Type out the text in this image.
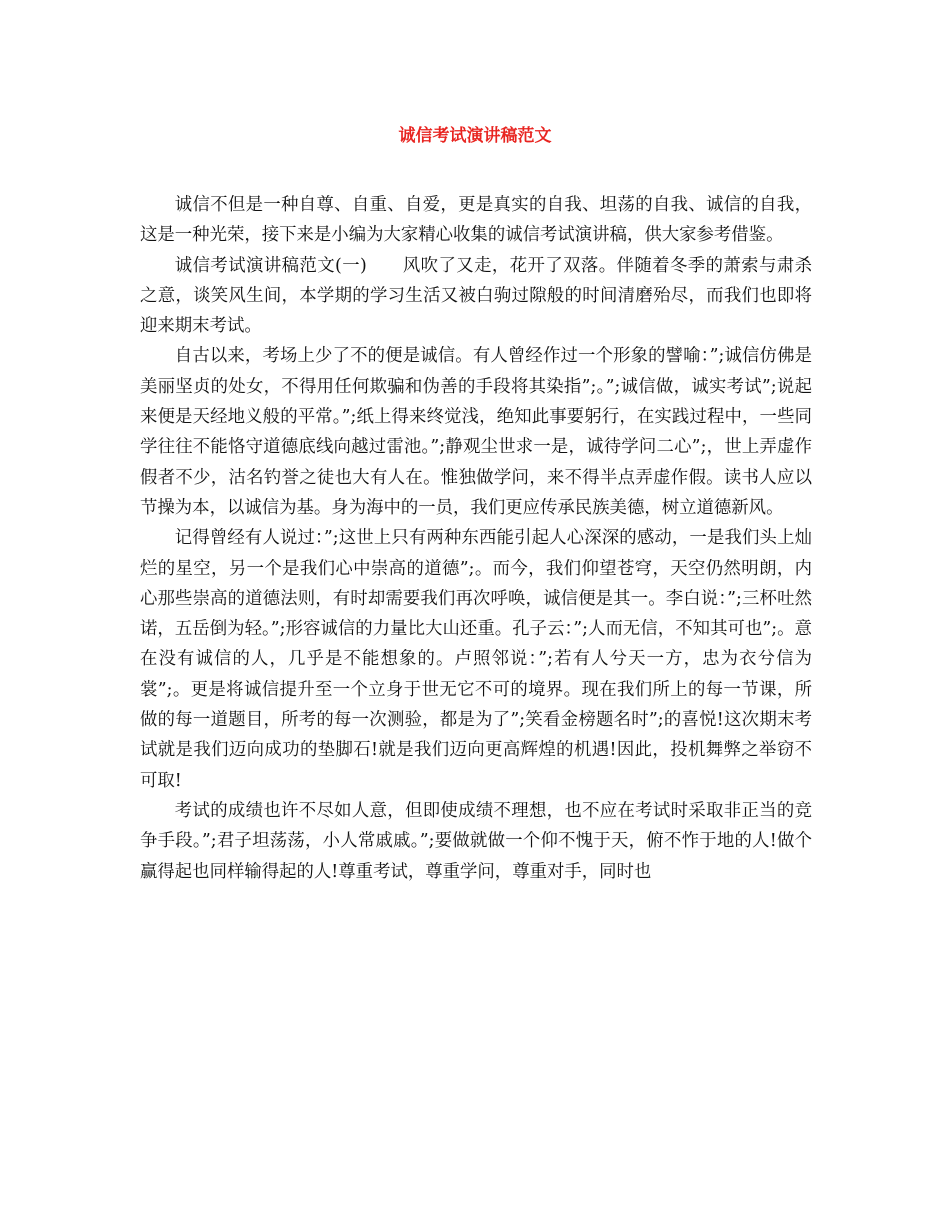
诚信考试演讲稿范文

诚信不但是一种自尊、自重、自爱，更是真实的自我、坦荡的自我、诚信的自我，这是一种光荣，接下来是小编为大家精心收集的诚信考试演讲稿，供大家参考借鉴。

诚信考试演讲稿范文(一)　　风吹了又走，花开了双落。伴随着冬季的萧索与肃杀之意，谈笑风生间，本学期的学习生活又被白驹过隙般的时间清磨殆尽，而我们也即将迎来期末考试。

自古以来，考场上少了不的便是诚信。有人曾经作过一个形象的譬喻：”;诚信仿佛是美丽坚贞的处女，不得用任何欺骗和伪善的手段将其染指”;。”;诚信做，诚实考试”;说起来便是天经地义般的平常。”;纸上得来终觉浅，绝知此事要躬行，在实践过程中，一些同学往往不能恪守道德底线向越过雷池。”;静观尘世求一是，诚待学问二心”;，世上弄虚作假者不少，沽名钓誉之徒也大有人在。惟独做学问，来不得半点弄虚作假。读书人应以节操为本，以诚信为基。身为海中的一员，我们更应传承民族美德，树立道德新风。

记得曾经有人说过：”;这世上只有两种东西能引起人心深深的感动，一是我们头上灿烂的星空，另一个是我们心中崇高的道德”;。而今，我们仰望苍穹，天空仍然明朗，内心那些崇高的道德法则，有时却需要我们再次呼唤，诚信便是其一。李白说：”;三杯吐然诺，五岳倒为轻。”;形容诚信的力量比大山还重。孔子云：”;人而无信，不知其可也”;。意在没有诚信的人，几乎是不能想象的。卢照邻说：”;若有人兮天一方，忠为衣兮信为裳”;。更是将诚信提升至一个立身于世无它不可的境界。现在我们所上的每一节课，所做的每一道题目，所考的每一次测验，都是为了”;笑看金榜题名时”;的喜悦!这次期末考试就是我们迈向成功的垫脚石!就是我们迈向更高辉煌的机遇!因此，投机舞弊之举窃不可取!

考试的成绩也许不尽如人意，但即使成绩不理想，也不应在考试时采取非正当的竞争手段。”;君子坦荡荡，小人常戚戚。”;要做就做一个仰不愧于天，俯不怍于地的人!做个赢得起也同样输得起的人!尊重考试，尊重学问，尊重对手，同时也
